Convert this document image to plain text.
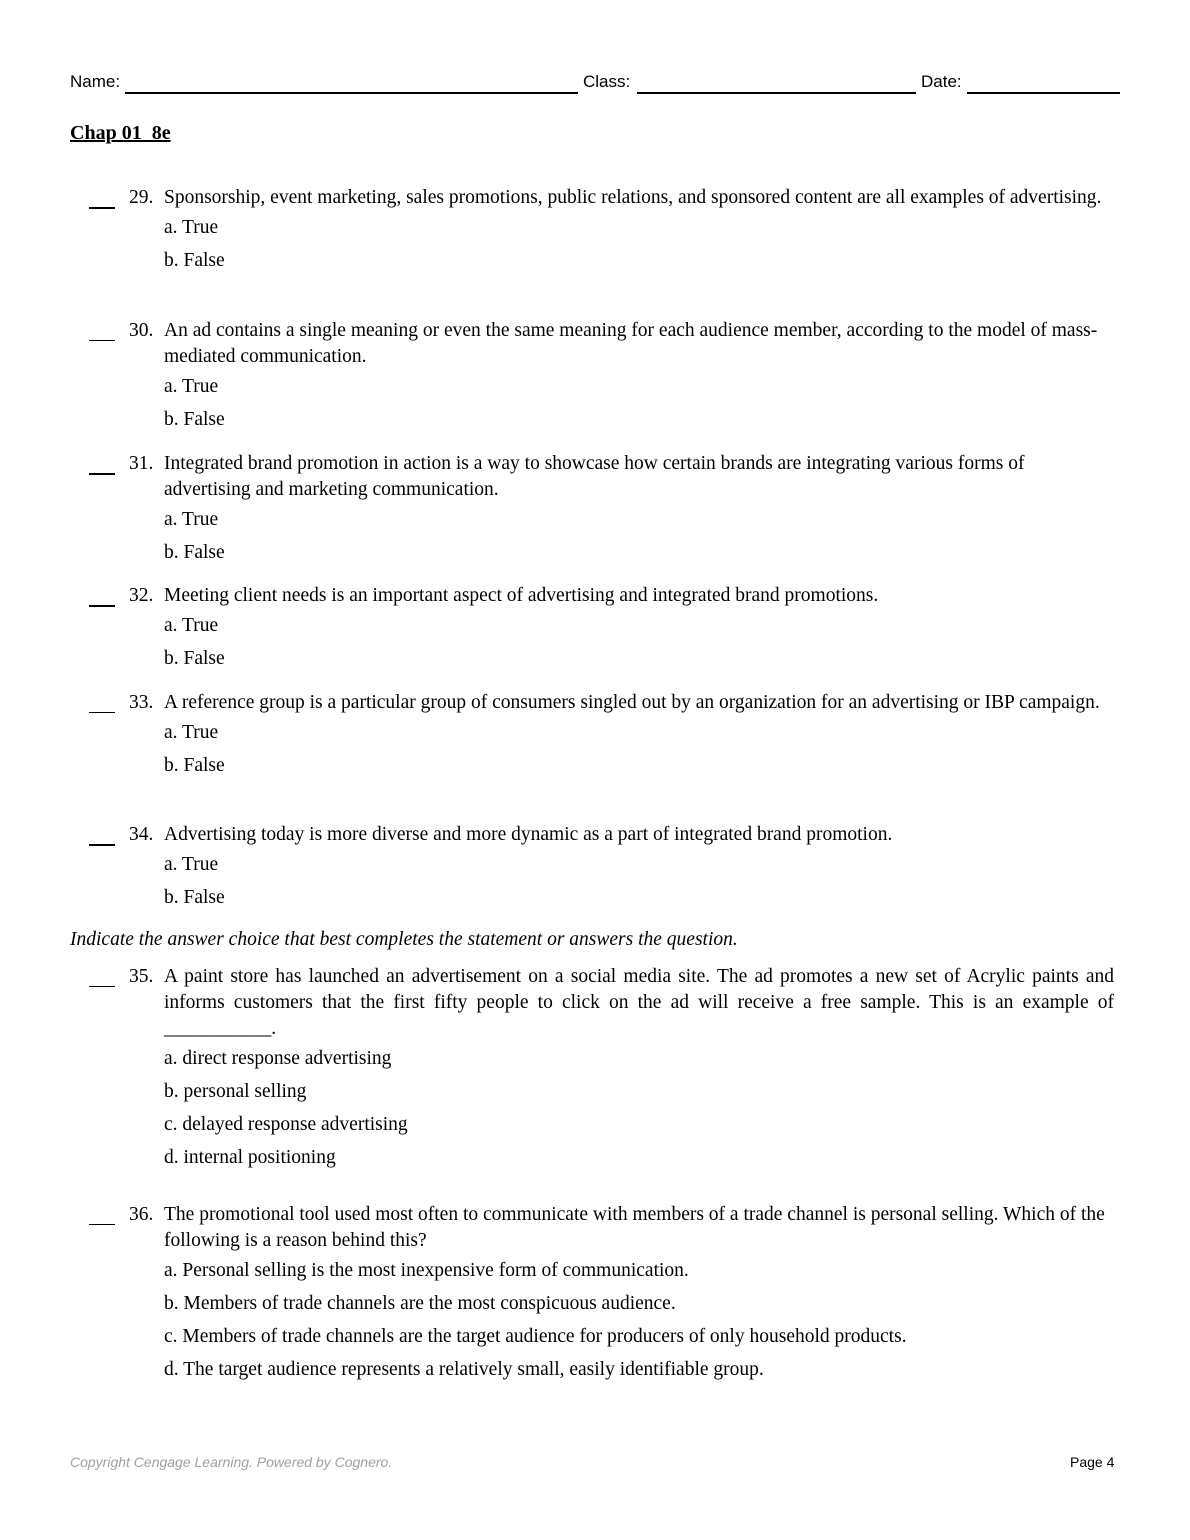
Name:	Class:	Date:
Chap 01_8e
29. Sponsorship, event marketing, sales promotions, public relations, and sponsored content are all examples of advertising.
a. True
b. False
30. An ad contains a single meaning or even the same meaning for each audience member, according to the model of mass-mediated communication.
a. True
b. False
31. Integrated brand promotion in action is a way to showcase how certain brands are integrating various forms of advertising and marketing communication.
a. True
b. False
32. Meeting client needs is an important aspect of advertising and integrated brand promotions.
a. True
b. False
33. A reference group is a particular group of consumers singled out by an organization for an advertising or IBP campaign.
a. True
b. False
34. Advertising today is more diverse and more dynamic as a part of integrated brand promotion.
a. True
b. False
Indicate the answer choice that best completes the statement or answers the question.
35. A paint store has launched an advertisement on a social media site. The ad promotes a new set of Acrylic paints and informs customers that the first fifty people to click on the ad will receive a free sample. This is an example of ___________.
a. direct response advertising
b. personal selling
c. delayed response advertising
d. internal positioning
36. The promotional tool used most often to communicate with members of a trade channel is personal selling. Which of the following is a reason behind this?
a. Personal selling is the most inexpensive form of communication.
b. Members of trade channels are the most conspicuous audience.
c. Members of trade channels are the target audience for producers of only household products.
d. The target audience represents a relatively small, easily identifiable group.
Copyright Cengage Learning. Powered by Cognero.	Page 4
